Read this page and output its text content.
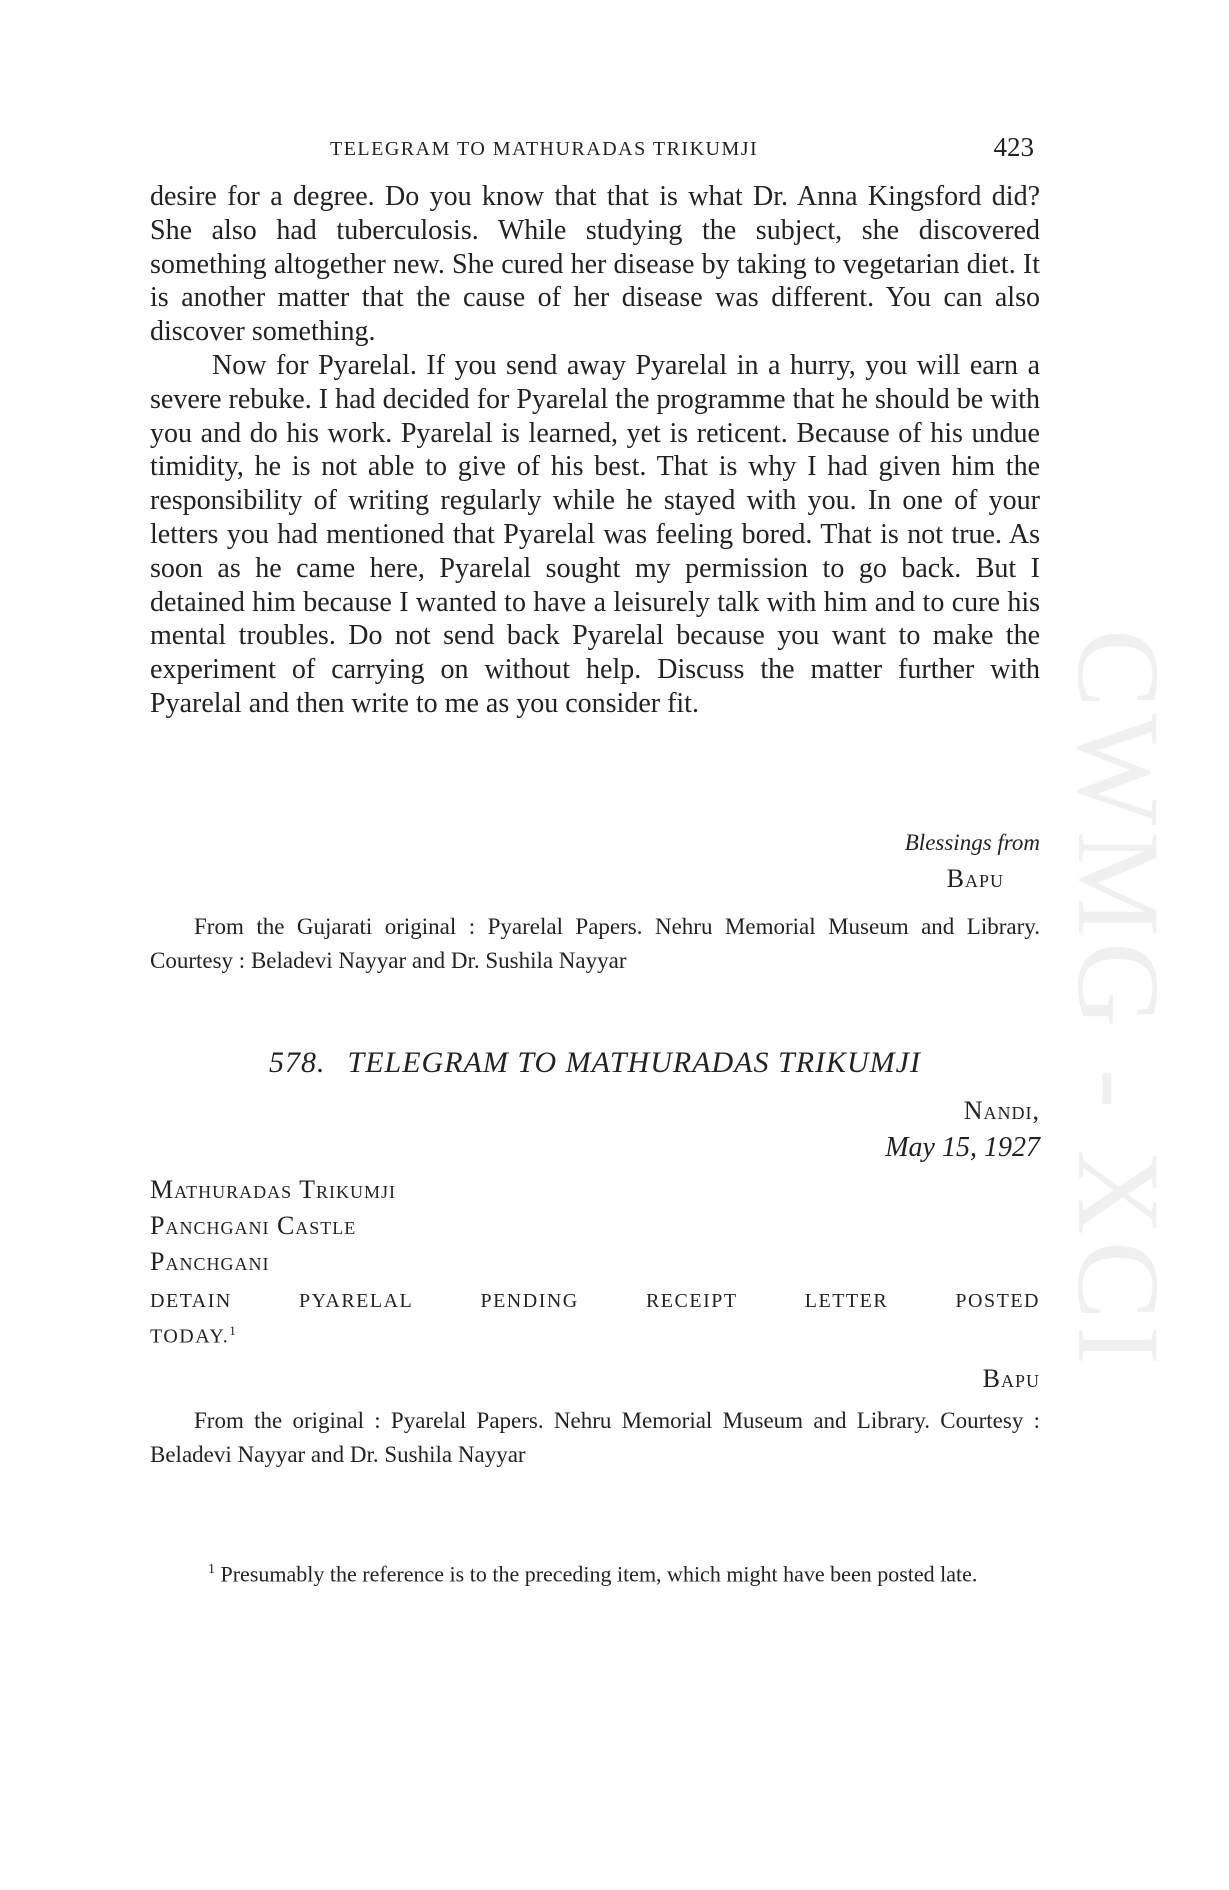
CWMG - XCI
TELEGRAM TO MATHURADAS TRIKUMJI	423

desire for a degree. Do you know that that is what Dr. Anna Kingsford did? She also had tuberculosis. While studying the subject, she discovered something altogether new. She cured her disease by taking to vegetarian diet. It is another matter that the cause of her disease was different. You can also discover something.

Now for Pyarelal. If you send away Pyarelal in a hurry, you will earn a severe rebuke. I had decided for Pyarelal the programme that he should be with you and do his work. Pyarelal is learned, yet is reticent. Because of his undue timidity, he is not able to give of his best. That is why I had given him the responsibility of writing regularly while he stayed with you. In one of your letters you had mentioned that Pyarelal was feeling bored. That is not true. As soon as he came here, Pyarelal sought my permission to go back. But I detained him because I wanted to have a leisurely talk with him and to cure his mental troubles. Do not send back Pyarelal because you want to make the experiment of carrying on without help. Discuss the matter further with Pyarelal and then write to me as you consider fit.

Blessings from
Bapu

From the Gujarati original : Pyarelal Papers. Nehru Memorial Museum and Library. Courtesy : Beladevi Nayyar and Dr. Sushila Nayyar

578. TELEGRAM TO MATHURADAS TRIKUMJI
Nandi,
May 15, 1927
Mathuradas Trikumji
Panchgani Castle
Panchgani
DETAIN	PYARELAL	PENDING	RECEIPT	LETTER	POSTED
TODAY.$^1$
Bapu

From the original : Pyarelal Papers. Nehru Memorial Museum and Library. Courtesy : Beladevi Nayyar and Dr. Sushila Nayyar

$^1$ Presumably the reference is to the preceding item, which might have been posted late.
